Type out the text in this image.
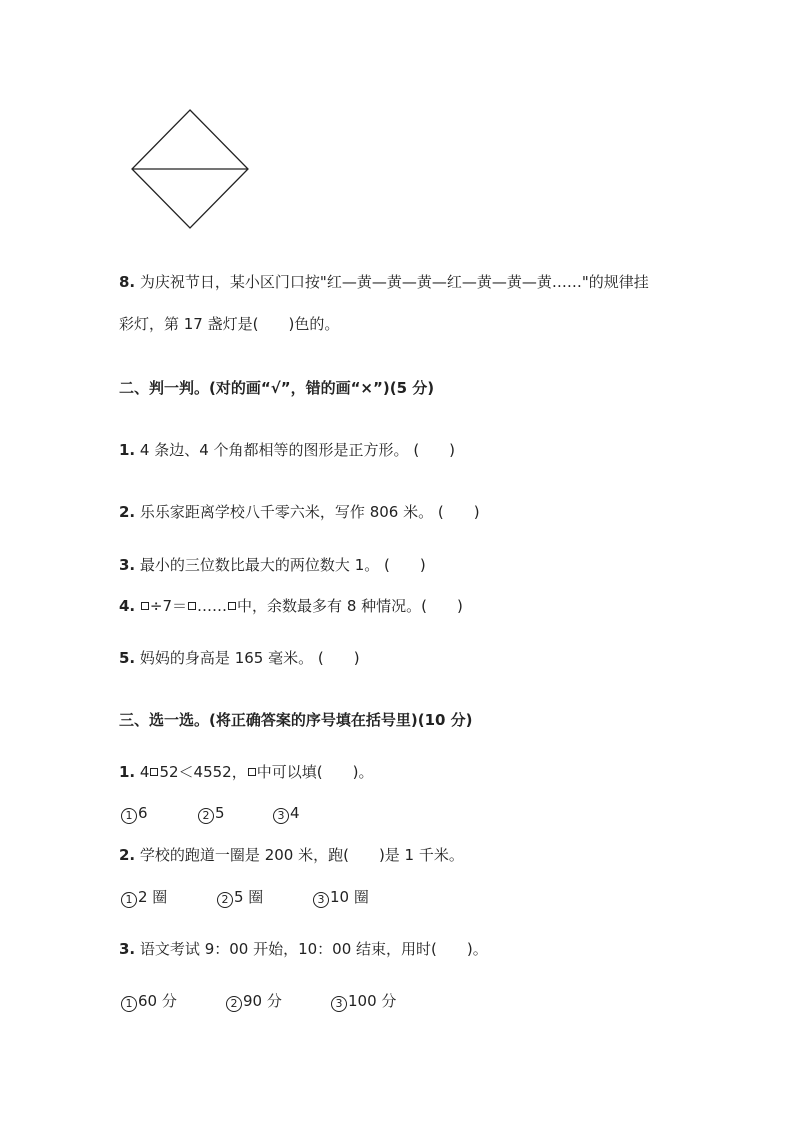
8. 为庆祝节日，某小区门口按"红—黄—黄—黄—红—黄—黄—黄……"的规律挂
彩灯，第 17 盏灯是(　　)色的。
二、判一判。(对的画“√”，错的画“×”)(5 分)
1. 4 条边、4 个角都相等的图形是正方形。 (　　)
2. 乐乐家距离学校八千零六米，写作 806 米。 (　　)
3. 最小的三位数比最大的两位数大 1。 (　　)
4. ÷7＝ …… 中，余数最多有 8 种情况。(　　)
5. 妈妈的身高是 165 毫米。 (　　)
三、选一选。(将正确答案的序号填在括号里)(10 分)
1. 4 52＜4552， 中可以填(　　)。
1 6	2 5	3 4
2. 学校的跑道一圈是 200 米，跑(　　)是 1 千米。
1 2 圈	2 5 圈	3 10 圈
3. 语文考试 9：00 开始，10：00 结束，用时(　　)。
1 60 分	2 90 分	3 100 分
